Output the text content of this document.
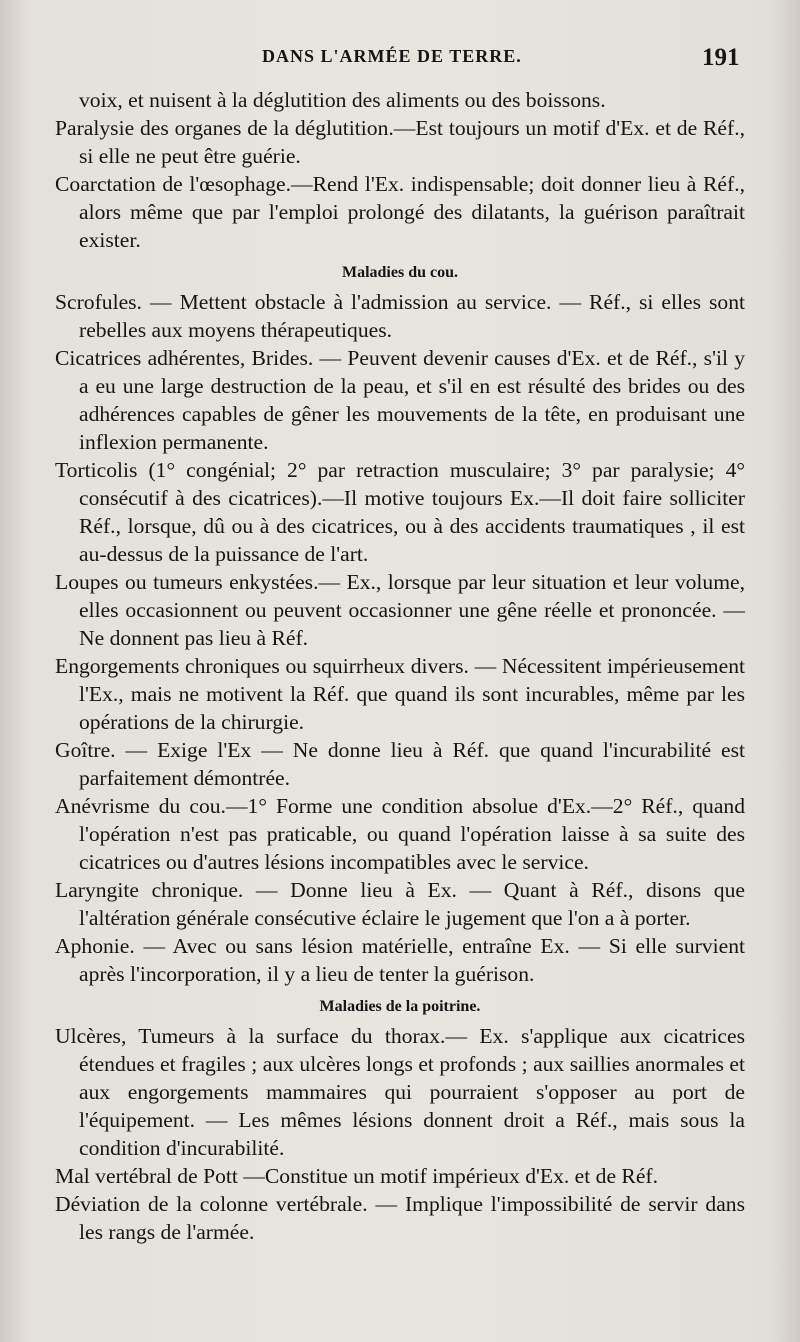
DANS L'ARMÉE DE TERRE.	191

voix, et nuisent à la déglutition des aliments ou des boissons.

Paralysie des organes de la déglutition.—Est toujours un motif d'Ex. et de Réf., si elle ne peut être guérie.

Coarctation de l'œsophage.—Rend l'Ex. indispensable; doit donner lieu à Réf., alors même que par l'emploi prolongé des dilatants, la guérison paraîtrait exister.

Maladies du cou.

Scrofules. — Mettent obstacle à l'admission au service. — Réf., si elles sont rebelles aux moyens thérapeutiques.

Cicatrices adhérentes, Brides. — Peuvent devenir causes d'Ex. et de Réf., s'il y a eu une large destruction de la peau, et s'il en est résulté des brides ou des adhérences capables de gêner les mouvements de la tête, en produisant une inflexion permanente.

Torticolis (1° congénial; 2° par retraction musculaire; 3° par paralysie; 4° consécutif à des cicatrices).—Il motive toujours Ex.—Il doit faire solliciter Réf., lorsque, dû ou à des cicatrices, ou à des accidents traumatiques , il est au-dessus de la puissance de l'art.

Loupes ou tumeurs enkystées.— Ex., lorsque par leur situation et leur volume, elles occasionnent ou peuvent occasionner une gêne réelle et prononcée. — Ne donnent pas lieu à Réf.

Engorgements chroniques ou squirrheux divers. — Nécessitent impérieusement l'Ex., mais ne motivent la Réf. que quand ils sont incurables, même par les opérations de la chirurgie.

Goître. — Exige l'Ex — Ne donne lieu à Réf. que quand l'incurabilité est parfaitement démontrée.

Anévrisme du cou.—1° Forme une condition absolue d'Ex.—2° Réf., quand l'opération n'est pas praticable, ou quand l'opération laisse à sa suite des cicatrices ou d'autres lésions incompatibles avec le service.

Laryngite chronique. — Donne lieu à Ex. — Quant à Réf., disons que l'altération générale consécutive éclaire le jugement que l'on a à porter.

Aphonie. — Avec ou sans lésion matérielle, entraîne Ex. — Si elle survient après l'incorporation, il y a lieu de tenter la guérison.

Maladies de la poitrine.

Ulcères, Tumeurs à la surface du thorax.— Ex. s'applique aux cicatrices étendues et fragiles ; aux ulcères longs et profonds ; aux saillies anormales et aux engorgements mammaires qui pourraient s'opposer au port de l'équipement. — Les mêmes lésions donnent droit a Réf., mais sous la condition d'incurabilité.

Mal vertébral de Pott —Constitue un motif impérieux d'Ex. et de Réf.

Déviation de la colonne vertébrale. — Implique l'impossibilité de servir dans les rangs de l'armée.
